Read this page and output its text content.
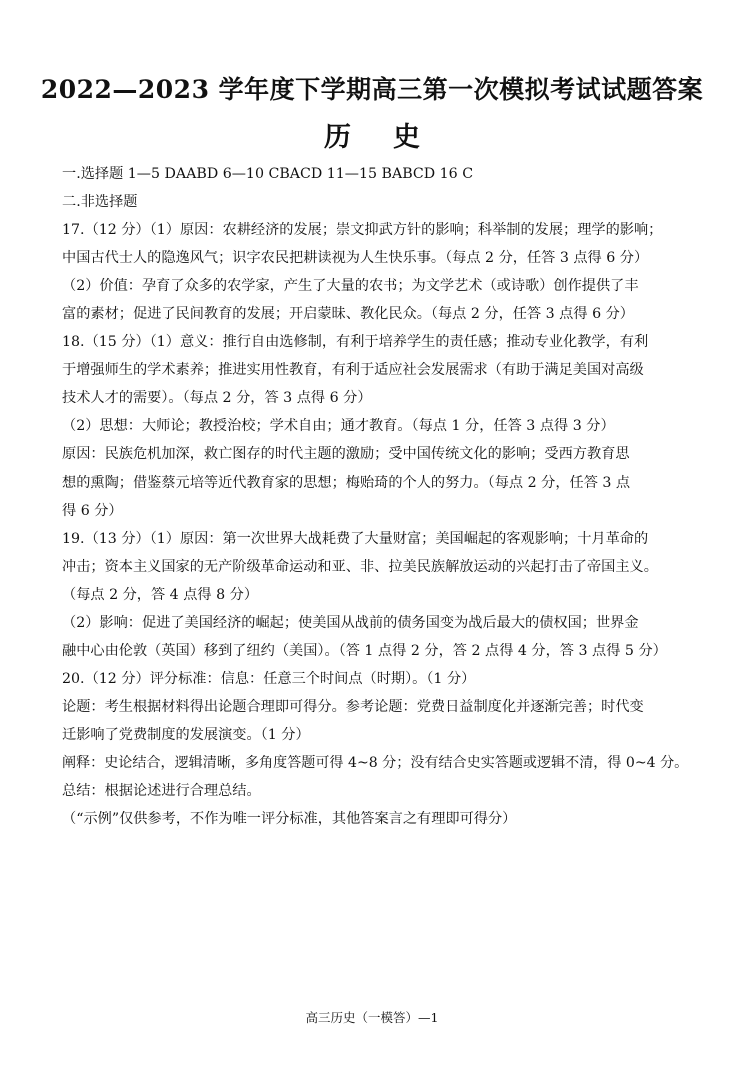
2022—2023 学年度下学期高三第一次模拟考试试题答案
历史
一.选择题 1—5 DAABD 6—10 CBACD 11—15 BABCD 16 C
二.非选择题
17.（12 分）（1）原因：农耕经济的发展；崇文抑武方针的影响；科举制的发展；理学的影响；
中国古代士人的隐逸风气；识字农民把耕读视为人生快乐事。（每点 2 分，任答 3 点得 6 分）
（2）价值：孕育了众多的农学家，产生了大量的农书；为文学艺术（或诗歌）创作提供了丰
富的素材；促进了民间教育的发展；开启蒙昧、教化民众。（每点 2 分，任答 3 点得 6 分）
18.（15 分）（1）意义：推行自由选修制，有利于培养学生的责任感；推动专业化教学，有利
于增强师生的学术素养；推进实用性教育，有利于适应社会发展需求（有助于满足美国对高级
技术人才的需要）。（每点 2 分，答 3 点得 6 分）
（2）思想：大师论；教授治校；学术自由；通才教育。（每点 1 分，任答 3 点得 3 分）
原因：民族危机加深，救亡图存的时代主题的激励；受中国传统文化的影响；受西方教育思
想的熏陶；借鉴蔡元培等近代教育家的思想；梅贻琦的个人的努力。（每点 2 分，任答 3 点
得 6 分）
19.（13 分）（1）原因：第一次世界大战耗费了大量财富；美国崛起的客观影响；十月革命的
冲击；资本主义国家的无产阶级革命运动和亚、非、拉美民族解放运动的兴起打击了帝国主义。
（每点 2 分，答 4 点得 8 分）
（2）影响：促进了美国经济的崛起；使美国从战前的债务国变为战后最大的债权国；世界金
融中心由伦敦（英国）移到了纽约（美国）。（答 1 点得 2 分，答 2 点得 4 分，答 3 点得 5 分）
20.（12 分）评分标准：信息：任意三个时间点（时期）。（1 分）
论题：考生根据材料得出论题合理即可得分。参考论题：党费日益制度化并逐渐完善；时代变
迁影响了党费制度的发展演变。（1 分）
阐释：史论结合，逻辑清晰，多角度答题可得 4~8 分；没有结合史实答题或逻辑不清，得 0~4 分。
总结：根据论述进行合理总结。
（“示例”仅供参考，不作为唯一评分标准，其他答案言之有理即可得分）
高三历史（一模答）—1
